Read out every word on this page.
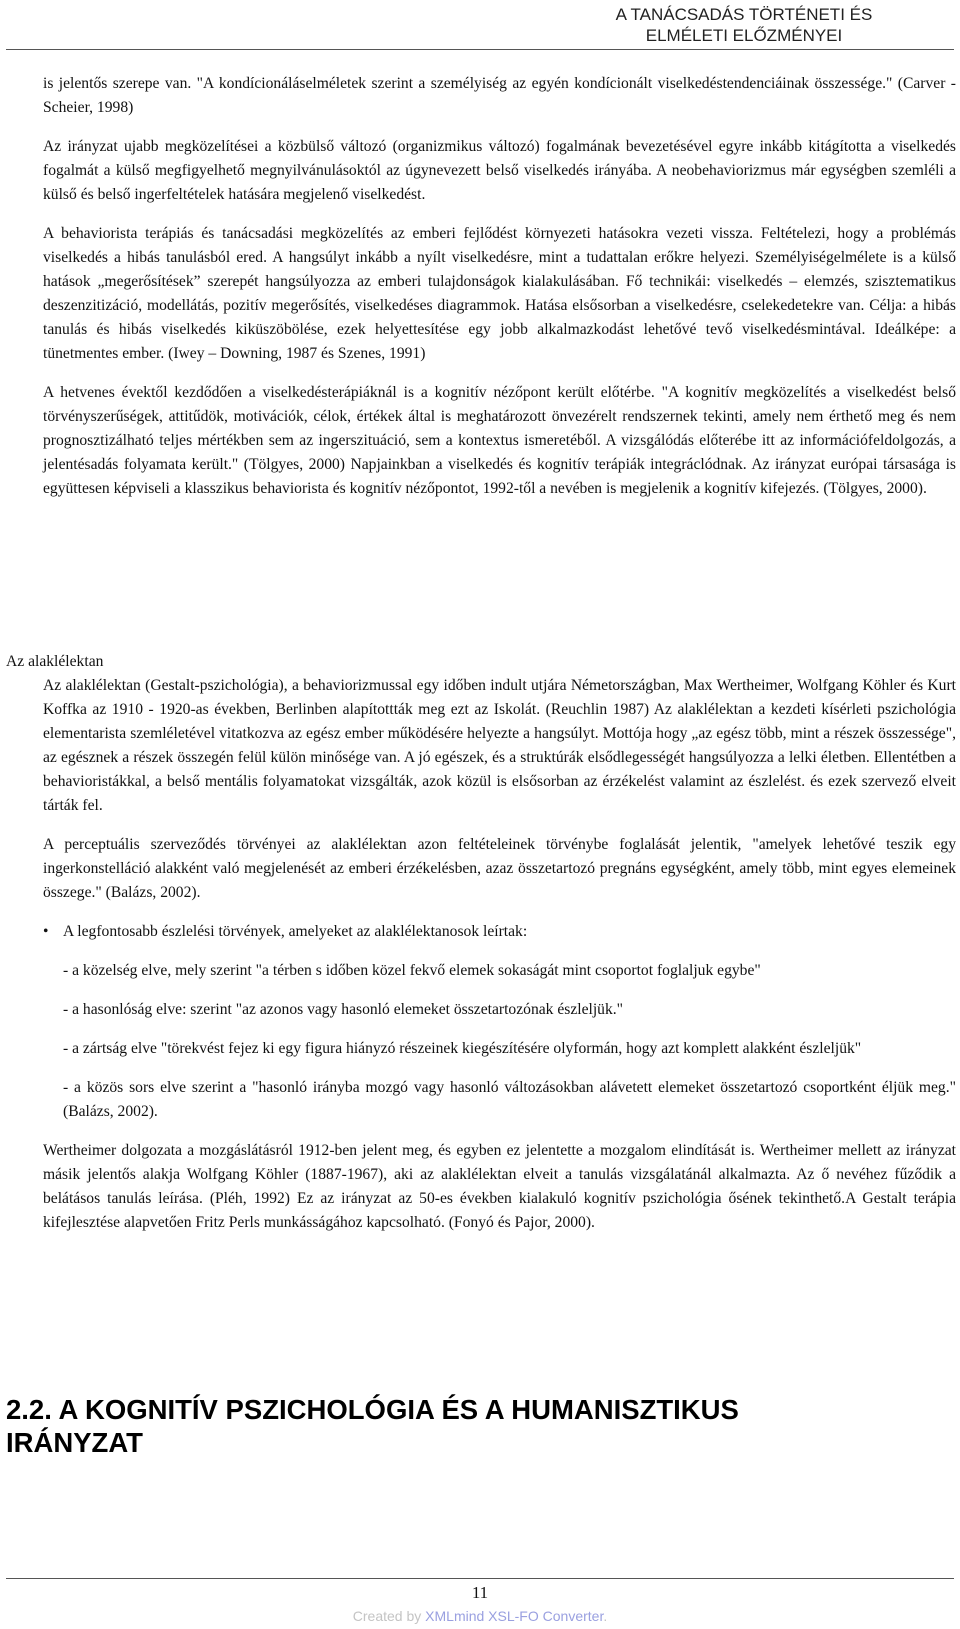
A TANÁCSADÁS TÖRTÉNETI ÉS
ELMÉLETI ELŐZMÉNYEI

is jelentős szerepe van. "A kondícionáláselméletek szerint a személyiség az egyén kondícionált viselkedéstendenciáinak összessége." (Carver - Scheier, 1998)

Az irányzat ujabb megközelítései a közbülső változó (organizmikus változó) fogalmának bevezetésével egyre inkább kitágította a viselkedés fogalmát a külső megfigyelhető megnyilvánulásoktól az úgynevezett belső viselkedés irányába. A neobehaviorizmus már egységben szemléli a külső és belső ingerfeltételek hatására megjelenő viselkedést.

A behaviorista terápiás és tanácsadási megközelítés az emberi fejlődést környezeti hatásokra vezeti vissza. Feltételezi, hogy a problémás viselkedés a hibás tanulásból ered. A hangsúlyt inkább a nyílt viselkedésre, mint a tudattalan erőkre helyezi. Személyiségelmélete is a külső hatások „megerősítések” szerepét hangsúlyozza az emberi tulajdonságok kialakulásában. Fő technikái: viselkedés – elemzés, szisztematikus deszenzitizáció, modellátás, pozitív megerősítés, viselkedéses diagrammok. Hatása elsősorban a viselkedésre, cselekedetekre van. Célja: a hibás tanulás és hibás viselkedés kiküszöbölése, ezek helyettesítése egy jobb alkalmazkodást lehetővé tevő viselkedésmintával. Ideálképe: a tünetmentes ember. (Iwey – Downing, 1987 és Szenes, 1991)

A hetvenes évektől kezdődően a viselkedésterápiáknál is a kognitív nézőpont került előtérbe. "A kognitív megközelítés a viselkedést belső törvényszerűségek, attitűdök, motivációk, célok, értékek által is meghatározott önvezérelt rendszernek tekinti, amely nem érthető meg és nem prognosztizálható teljes mértékben sem az ingerszituáció, sem a kontextus ismeretéből. A vizsgálódás előterébe itt az információfeldolgozás, a jelentésadás folyamata került." (Tölgyes, 2000) Napjainkban a viselkedés és kognitív terápiák integráclódnak. Az irányzat európai társasága is együttesen képviseli a klasszikus behaviorista és kognitív nézőpontot, 1992-től a nevében is megjelenik a kognitív kifejezés. (Tölgyes, 2000).

Az alaklélektan

Az alaklélektan (Gestalt-pszichológia), a behaviorizmussal egy időben indult utjára Németországban, Max Wertheimer, Wolfgang Köhler és Kurt Koffka az 1910 - 1920-as években, Berlinben alapítottták meg ezt az Iskolát. (Reuchlin 1987) Az alaklélektan a kezdeti kísérleti pszichológia elementarista szemléletével vitatkozva az egész ember működésére helyezte a hangsúlyt. Mottója hogy „az egész több, mint a részek összessége", az egésznek a részek összegén felül külön minősége van. A jó egészek, és a struktúrák elsődlegességét hangsúlyozza a lelki életben. Ellentétben a behavioristákkal, a belső mentális folyamatokat vizsgálták, azok közül is elsősorban az érzékelést valamint az észlelést. és ezek szervező elveit tárták fel.

A perceptuális szerveződés törvényei az alaklélektan azon feltételeinek törvénybe foglalását jelentik, "amelyek lehetővé teszik egy ingerkonstelláció alakként való megjelenését az emberi érzékelésben, azaz összetartozó pregnáns egységként, amely több, mint egyes elemeinek összege." (Balázs, 2002).

• A legfontosabb észlelési törvények, amelyeket az alaklélektanosok leírtak:

- a közelség elve, mely szerint "a térben s időben közel fekvő elemek sokaságát mint csoportot foglaljuk egybe"

- a hasonlóság elve: szerint "az azonos vagy hasonló elemeket összetartozónak észleljük."

- a zártság elve "törekvést fejez ki egy figura hiányzó részeinek kiegészítésére olyformán, hogy azt komplett alakként észleljük"

- a közös sors elve szerint a "hasonló irányba mozgó vagy hasonló változásokban alávetett elemeket összetartozó csoportként éljük meg." (Balázs, 2002).

Wertheimer dolgozata a mozgáslátásról 1912-ben jelent meg, és egyben ez jelentette a mozgalom elindítását is. Wertheimer mellett az irányzat másik jelentős alakja Wolfgang Köhler (1887-1967), aki az alaklélektan elveit a tanulás vizsgálatánál alkalmazta. Az ő nevéhez fűződik a belátásos tanulás leírása. (Pléh, 1992) Ez az irányzat az 50-es években kialakuló kognitív pszichológia ősének tekinthető.A Gestalt terápia kifejlesztése alapvetően Fritz Perls munkásságához kapcsolható. (Fonyó és Pajor, 2000).

2.2. A KOGNITÍV PSZICHOLÓGIA ÉS A HUMANISZTIKUS
IRÁNYZAT
11
Created by XMLmind XSL-FO Converter.
